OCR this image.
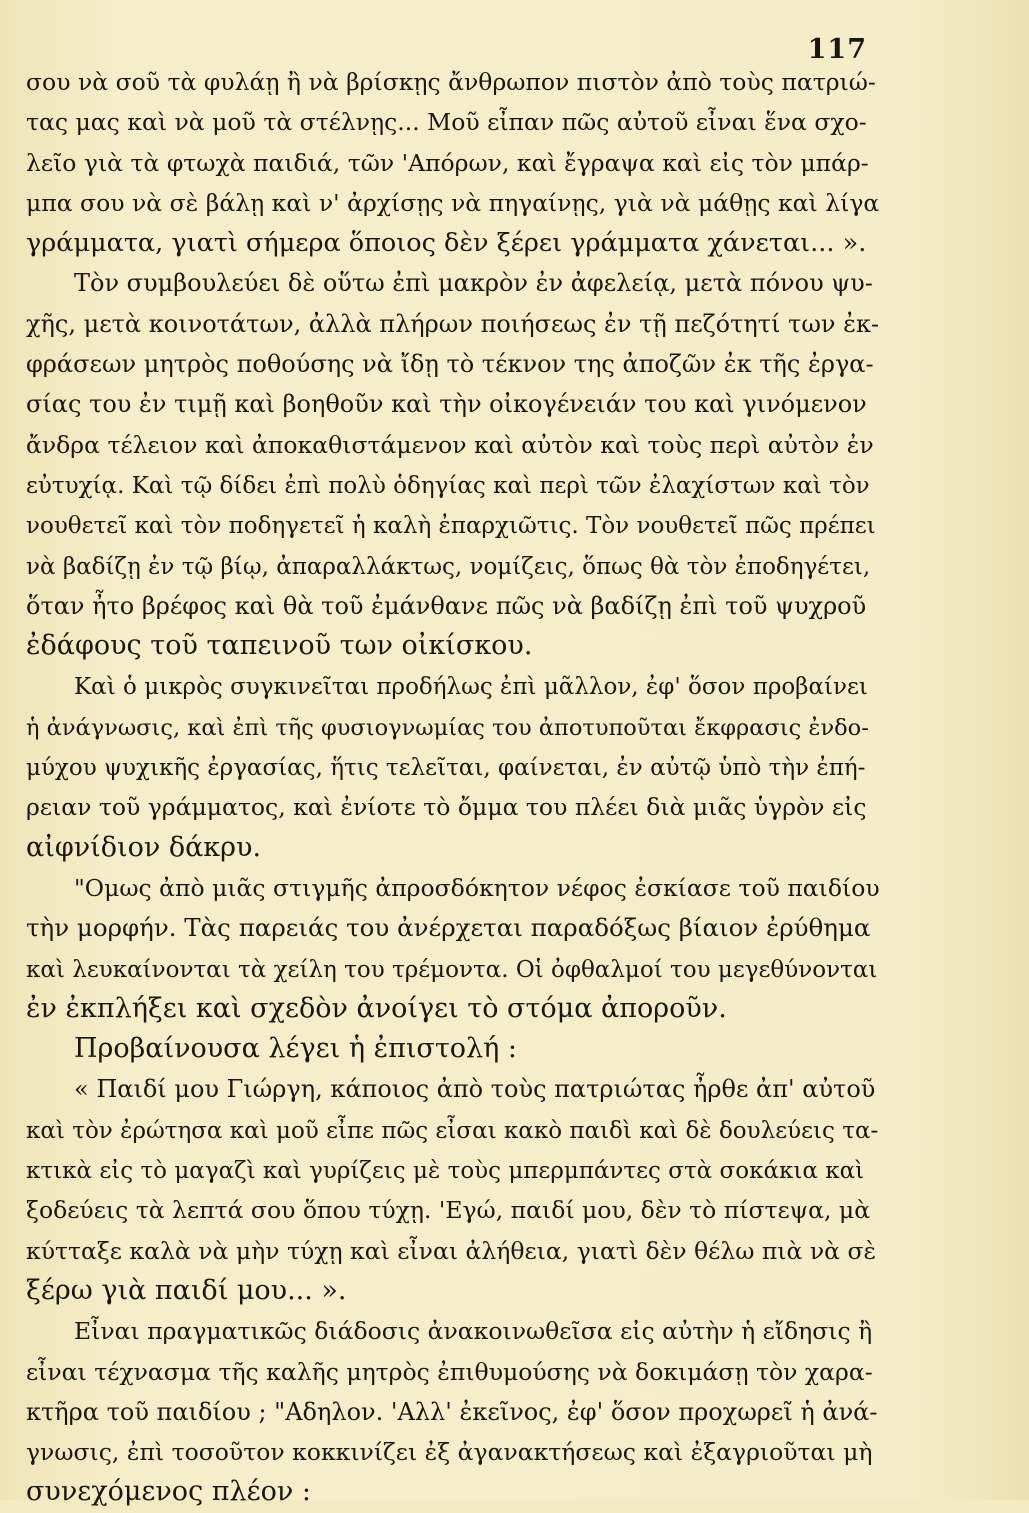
117
σου νὰ σοῦ τὰ φυλάῃ ἢ νὰ βρίσκῃς ἄνθρωπον πιστὸν ἀπὸ τοὺς πατριώ-
τας μας καὶ νὰ μοῦ τὰ στέλνῃς... Μοῦ εἶπαν πῶς αὐτοῦ εἶναι ἕνα σχο-
λεῖο γιὰ τὰ φτωχὰ παιδιά, τῶν 'Απόρων, καὶ ἔγραψα καὶ εἰς τὸν μπάρ-
μπα σου νὰ σὲ βάλῃ καὶ ν' ἀρχίσῃς νὰ πηγαίνῃς, γιὰ νὰ μάθῃς καὶ λίγα
γράμματα, γιατὶ σήμερα ὅποιος δὲν ξέρει γράμματα χάνεται... ».
Τὸν συμβουλεύει δὲ οὕτω ἐπὶ μακρὸν ἐν ἀφελείᾳ, μετὰ πόνου ψυ-
χῆς, μετὰ κοινοτάτων, ἀλλὰ πλήρων ποιήσεως ἐν τῇ πεζότητί των ἐκ-
φράσεων μητρὸς ποθούσης νὰ ἴδῃ τὸ τέκνον της ἀποζῶν ἐκ τῆς ἐργα-
σίας του ἐν τιμῇ καὶ βοηθοῦν καὶ τὴν οἰκογένειάν του καὶ γινόμενον
ἄνδρα τέλειον καὶ ἀποκαθιστάμενον καὶ αὐτὸν καὶ τοὺς περὶ αὐτὸν ἐν
εὐτυχίᾳ. Καὶ τῷ δίδει ἐπὶ πολὺ ὁδηγίας καὶ περὶ τῶν ἐλαχίστων καὶ τὸν
νουθετεῖ καὶ τὸν ποδηγετεῖ ἡ καλὴ ἐπαρχιῶτις. Τὸν νουθετεῖ πῶς πρέπει
νὰ βαδίζῃ ἐν τῷ βίῳ, ἀπαραλλάκτως, νομίζεις, ὅπως θὰ τὸν ἐποδηγέτει,
ὅταν ἦτο βρέφος καὶ θὰ τοῦ ἐμάνθανε πῶς νὰ βαδίζῃ ἐπὶ τοῦ ψυχροῦ
ἐδάφους τοῦ ταπεινοῦ των οἰκίσκου.
Καὶ ὁ μικρὸς συγκινεῖται προδήλως ἐπὶ μᾶλλον, ἐφ' ὅσον προβαίνει
ἡ ἀνάγνωσις, καὶ ἐπὶ τῆς φυσιογνωμίας του ἀποτυποῦται ἔκφρασις ἐνδο-
μύχου ψυχικῆς ἐργασίας, ἥτις τελεῖται, φαίνεται, ἐν αὐτῷ ὑπὸ τὴν ἐπή-
ρειαν τοῦ γράμματος, καὶ ἐνίοτε τὸ ὄμμα του πλέει διὰ μιᾶς ὑγρὸν εἰς
αἰφνίδιον δάκρυ.
"Ομως ἀπὸ μιᾶς στιγμῆς ἀπροσδόκητον νέφος ἐσκίασε τοῦ παιδίου
τὴν μορφήν. Τὰς παρειάς του ἀνέρχεται παραδόξως βίαιον ἐρύθημα
καὶ λευκαίνονται τὰ χείλη του τρέμοντα. Οἱ ὀφθαλμοί του μεγεθύνονται
ἐν ἐκπλήξει καὶ σχεδὸν ἀνοίγει τὸ στόμα ἀποροῦν.
Προβαίνουσα λέγει ἡ ἐπιστολή :
« Παιδί μου Γιώργη, κάποιος ἀπὸ τοὺς πατριώτας ἦρθε ἀπ' αὐτοῦ
καὶ τὸν ἐρώτησα καὶ μοῦ εἶπε πῶς εἶσαι κακὸ παιδὶ καὶ δὲ δουλεύεις τα-
κτικὰ εἰς τὸ μαγαζὶ καὶ γυρίζεις μὲ τοὺς μπερμπάντες στὰ σοκάκια καὶ
ξοδεύεις τὰ λεπτά σου ὅπου τύχῃ. 'Εγώ, παιδί μου, δὲν τὸ πίστεψα, μὰ
κύτταξε καλὰ νὰ μὴν τύχῃ καὶ εἶναι ἀλήθεια, γιατὶ δὲν θέλω πιὰ νὰ σὲ
ξέρω γιὰ παιδί μου... ».
Εἶναι πραγματικῶς διάδοσις ἀνακοινωθεῖσα εἰς αὐτὴν ἡ εἴδησις ἢ
εἶναι τέχνασμα τῆς καλῆς μητρὸς ἐπιθυμούσης νὰ δοκιμάσῃ τὸν χαρα-
κτῆρα τοῦ παιδίου ; "Αδηλον. 'Αλλ' ἐκεῖνος, ἐφ' ὅσον προχωρεῖ ἡ ἀνά-
γνωσις, ἐπὶ τοσοῦτον κοκκινίζει ἐξ ἀγανακτήσεως καὶ ἐξαγριοῦται μὴ
συνεχόμενος πλέον :
